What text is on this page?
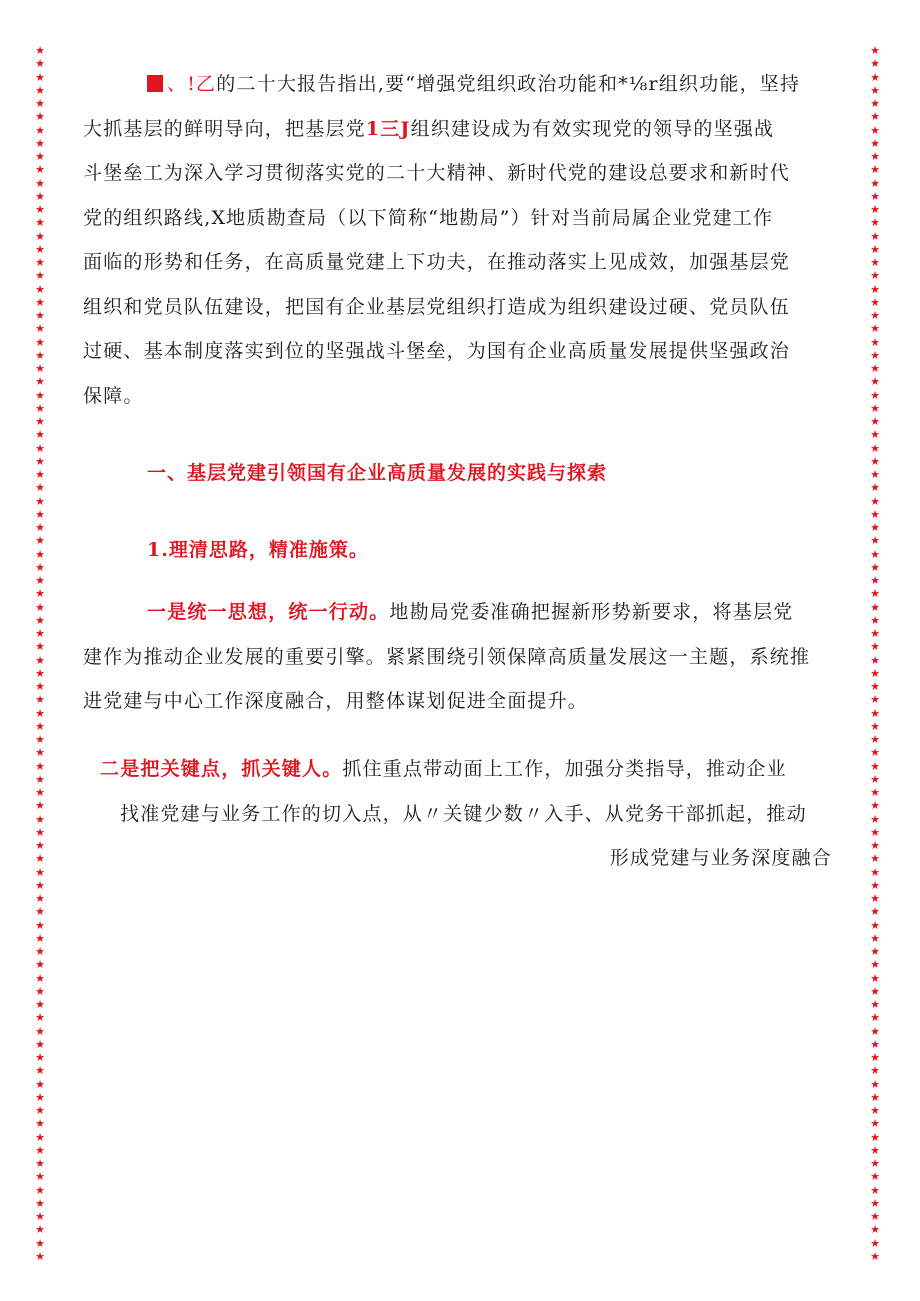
★
★
★
★
★
★
★
★
★
★
★
★
★
★
★
★
★
★
★
★
★
★
★
★
★
★
★
★
★
★
★
★
★
★
★
★
★
★
★
★
★
★
★
★
★
★
★
★
★
★
★
★
★
★
★
★
★
★
★
★
★
★
★
★
★
★
★
★
★
★
★
★
★
★
★
★
★
★
★
★
★
★
★
★
★
★
★
★
★
★
★
★
★
★
★
★
★
★
★
★
★
★
★
★
★
★
★
★
★
★
★
★
★
★
★
★
★
★
★
★
★
★
★
★
★
★
★
★
★
★
★
★
★
★
★
★
★
★
★
★
★
★
★
★
★
★
★
★
★
★
★
★
★
★
★
★
★
★
★
★
★
★
★
★
★
★
★
★
★
★
★
★
★
★
★
★
★
★
★
★
★
★
★
★
、!乙的二十大报告指出,要“增强党组织政治功能和*⅛r组织功能，坚持
大抓基层的鲜明导向，把基层党1三J组织建设成为有效实现党的领导的坚强战
斗堡垒工为深入学习贯彻落实党的二十大精神、新时代党的建设总要求和新时代
党的组织路线,X地质勘查局（以下简称“地勘局”）针对当前局属企业党建工作
面临的形势和任务，在高质量党建上下功夫，在推动落实上见成效，加强基层党
组织和党员队伍建设，把国有企业基层党组织打造成为组织建设过硬、党员队伍
过硬、基本制度落实到位的坚强战斗堡垒，为国有企业高质量发展提供坚强政治
保障。
一、基层党建引领国有企业高质量发展的实践与探索
1.理清思路，精准施策。
一是统一思想，统一行动。地勘局党委准确把握新形势新要求，将基层党
建作为推动企业发展的重要引擎。紧紧围绕引领保障高质量发展这一主题，系统推
进党建与中心工作深度融合，用整体谋划促进全面提升。
二是把关键点，抓关键人。抓住重点带动面上工作，加强分类指导，推动企业
找准党建与业务工作的切入点，从〃关键少数〃入手、从党务干部抓起，推动
形成党建与业务深度融合
